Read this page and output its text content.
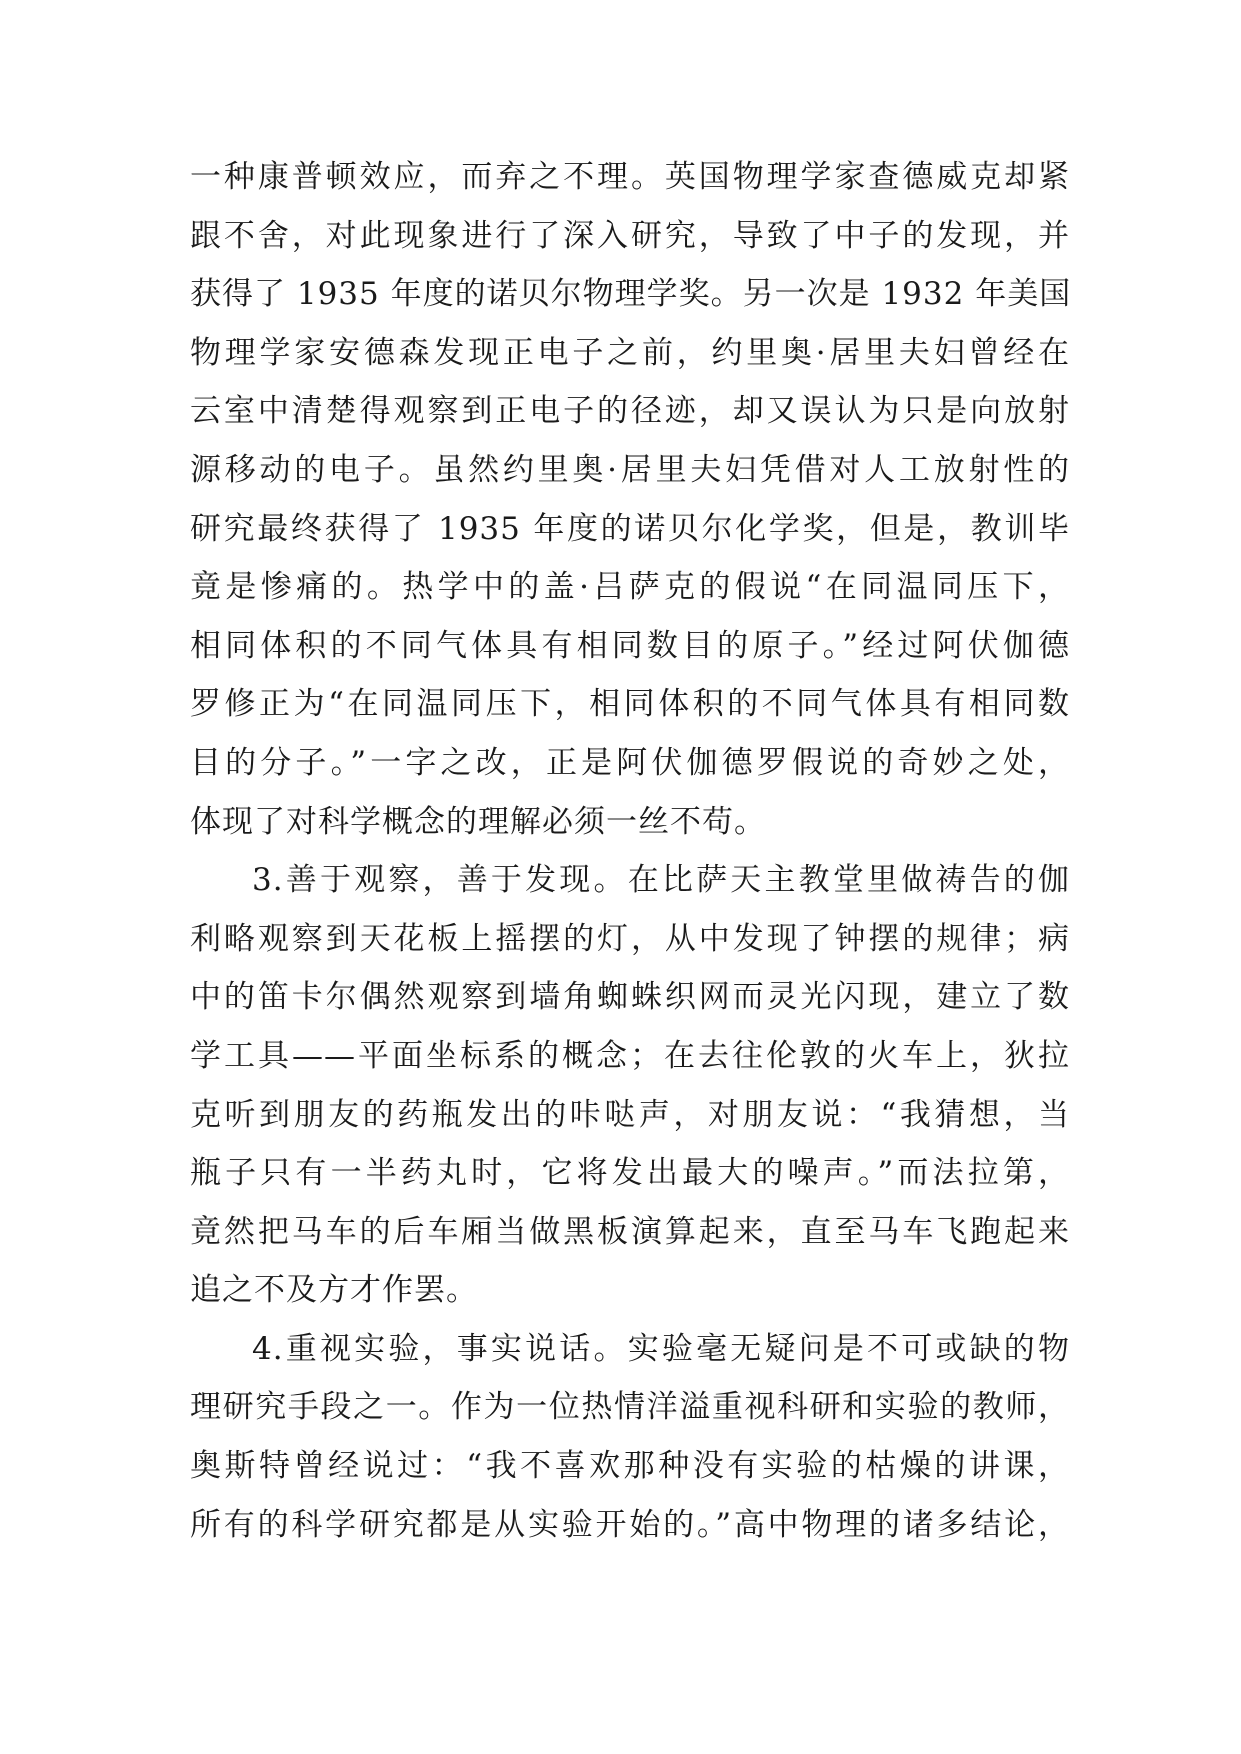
一种康普顿效应，而弃之不理。英国物理学家查德威克却紧
跟不舍，对此现象进行了深入研究，导致了中子的发现，并
获得了 1935 年度的诺贝尔物理学奖。另一次是 1932 年美国
物理学家安德森发现正电子之前，约里奥·居里夫妇曾经在
云室中清楚得观察到正电子的径迹，却又误认为只是向放射
源移动的电子。虽然约里奥·居里夫妇凭借对人工放射性的
研究最终获得了 1935 年度的诺贝尔化学奖，但是，教训毕
竟是惨痛的。热学中的盖·吕萨克的假说“在同温同压下，
相同体积的不同气体具有相同数目的原子。”经过阿伏伽德
罗修正为“在同温同压下，相同体积的不同气体具有相同数
目的分子。”一字之改，正是阿伏伽德罗假说的奇妙之处，
体现了对科学概念的理解必须一丝不苟。
3.善于观察，善于发现。在比萨天主教堂里做祷告的伽
利略观察到天花板上摇摆的灯，从中发现了钟摆的规律；病
中的笛卡尔偶然观察到墙角蜘蛛织网而灵光闪现，建立了数
学工具——平面坐标系的概念；在去往伦敦的火车上，狄拉
克听到朋友的药瓶发出的咔哒声，对朋友说：“我猜想，当
瓶子只有一半药丸时，它将发出最大的噪声。”而法拉第，
竟然把马车的后车厢当做黑板演算起来，直至马车飞跑起来
追之不及方才作罢。
4.重视实验，事实说话。实验毫无疑问是不可或缺的物
理研究手段之一。作为一位热情洋溢重视科研和实验的教师，
奥斯特曾经说过：“我不喜欢那种没有实验的枯燥的讲课，
所有的科学研究都是从实验开始的。”高中物理的诸多结论，
